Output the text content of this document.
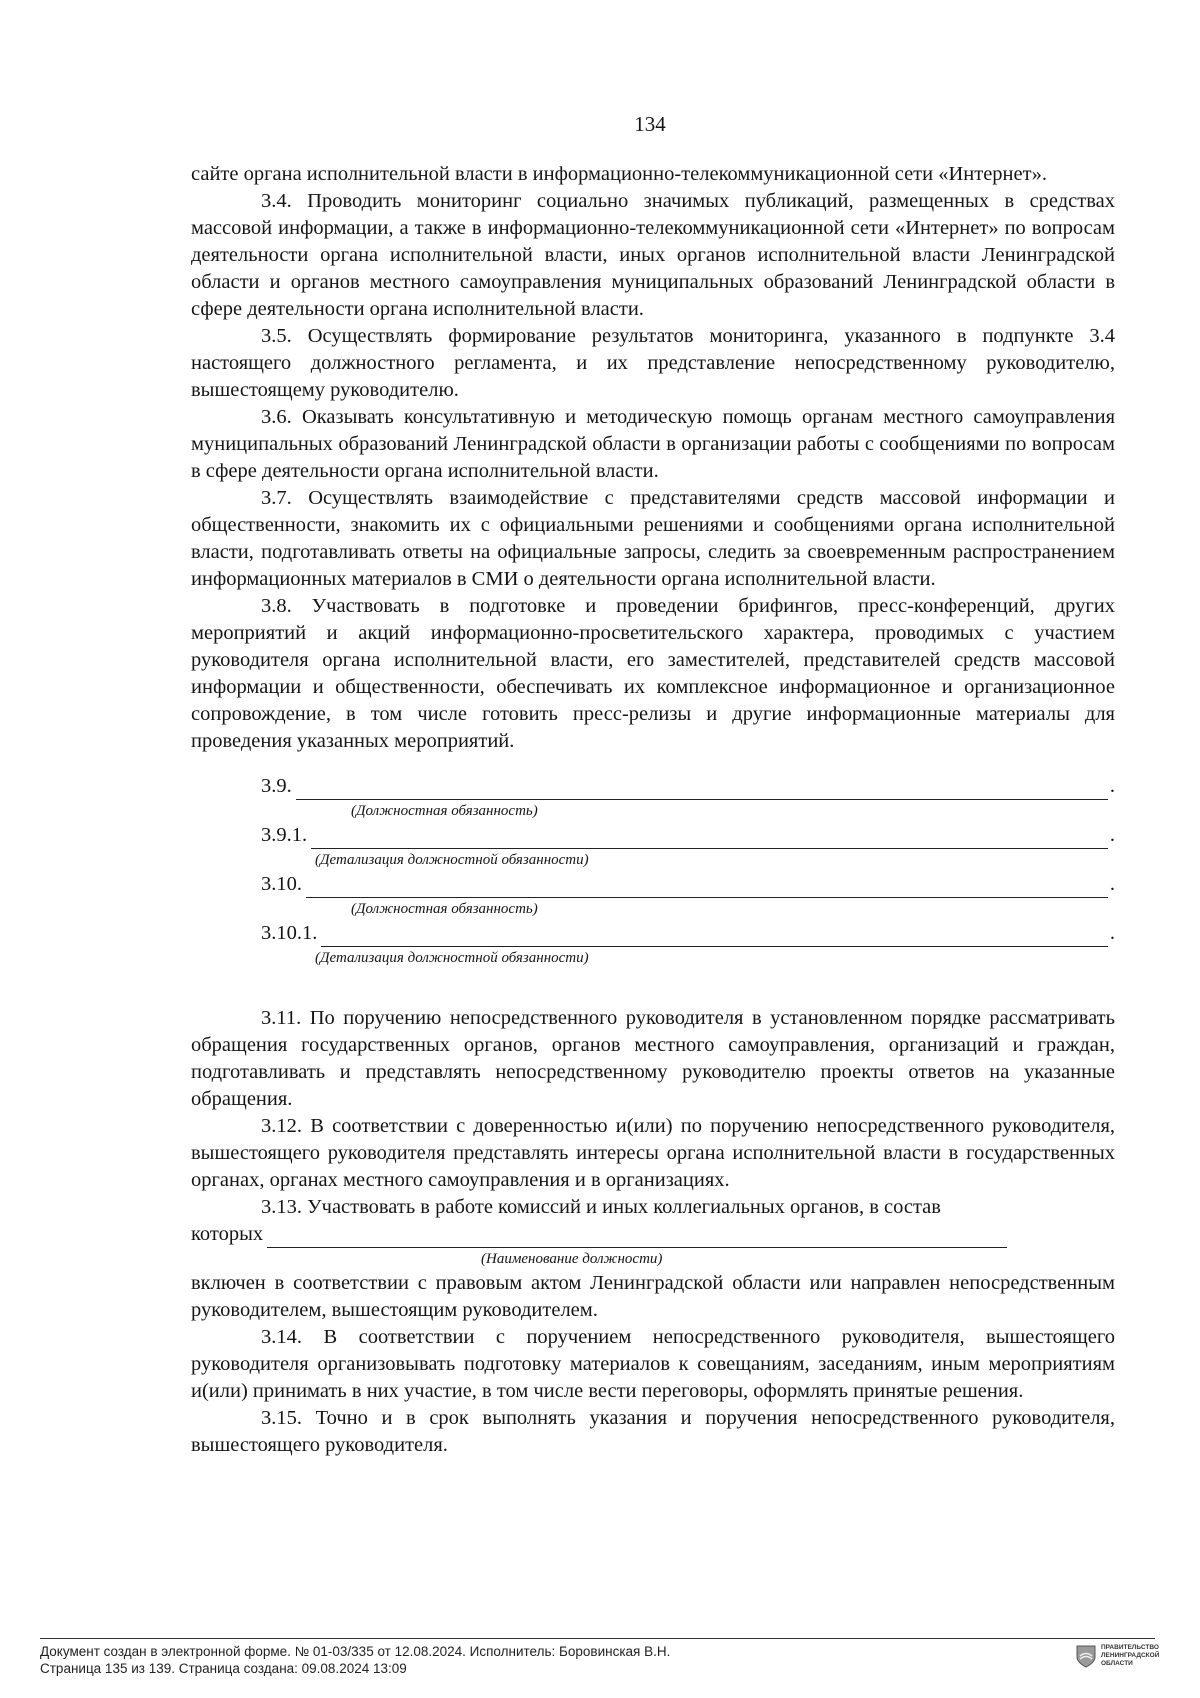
134

сайте органа исполнительной власти в информационно-телекоммуникационной сети «Интернет».

3.4. Проводить мониторинг социально значимых публикаций, размещенных в средствах массовой информации, а также в информационно-телекоммуникационной сети «Интернет» по вопросам деятельности органа исполнительной власти, иных органов исполнительной власти Ленинградской области и органов местного самоуправления муниципальных образований Ленинградской области в сфере деятельности органа исполнительной власти.

3.5. Осуществлять формирование результатов мониторинга, указанного в подпункте 3.4 настоящего должностного регламента, и их представление непосредственному руководителю, вышестоящему руководителю.

3.6. Оказывать консультативную и методическую помощь органам местного самоуправления муниципальных образований Ленинградской области в организации работы с сообщениями по вопросам в сфере деятельности органа исполнительной власти.

3.7. Осуществлять взаимодействие с представителями средств массовой информации и общественности, знакомить их с официальными решениями и сообщениями органа исполнительной власти, подготавливать ответы на официальные запросы, следить за своевременным распространением информационных материалов в СМИ о деятельности органа исполнительной власти.

3.8. Участвовать в подготовке и проведении брифингов, пресс-конференций, других мероприятий и акций информационно-просветительского характера, проводимых с участием руководителя органа исполнительной власти, его заместителей, представителей средств массовой информации и общественности, обеспечивать их комплексное информационное и организационное сопровождение, в том числе готовить пресс-релизы и другие информационные материалы для проведения указанных мероприятий.

3.9.	.
(Должностная обязанность)
3.9.1.	.
(Детализация должностной обязанности)
3.10.	.
(Должностная обязанность)
3.10.1.	.
(Детализация должностной обязанности)

3.11. По поручению непосредственного руководителя в установленном порядке рассматривать обращения государственных органов, органов местного самоуправления, организаций и граждан, подготавливать и представлять непосредственному руководителю проекты ответов на указанные обращения.

3.12. В соответствии с доверенностью и(или) по поручению непосредственного руководителя, вышестоящего руководителя представлять интересы органа исполнительной власти в государственных органах, органах местного самоуправления и в организациях.

3.13. Участвовать в работе комиссий и иных коллегиальных органов, в состав

которых
(Наименование должности)

включен в соответствии с правовым актом Ленинградской области или направлен непосредственным руководителем, вышестоящим руководителем.

3.14. В соответствии с поручением непосредственного руководителя, вышестоящего руководителя организовывать подготовку материалов к совещаниям, заседаниям, иным мероприятиям и(или) принимать в них участие, в том числе вести переговоры, оформлять принятые решения.

3.15. Точно и в срок выполнять указания и поручения непосредственного руководителя, вышестоящего руководителя.

Документ создан в электронной форме. № 01-03/335 от 12.08.2024. Исполнитель: Боровинская В.Н.
Страница 135 из 139. Страница создана: 09.08.2024 13:09
ПРАВИТЕЛЬСТВО ЛЕНИНГРАДСКОЙ ОБЛАСТИ
